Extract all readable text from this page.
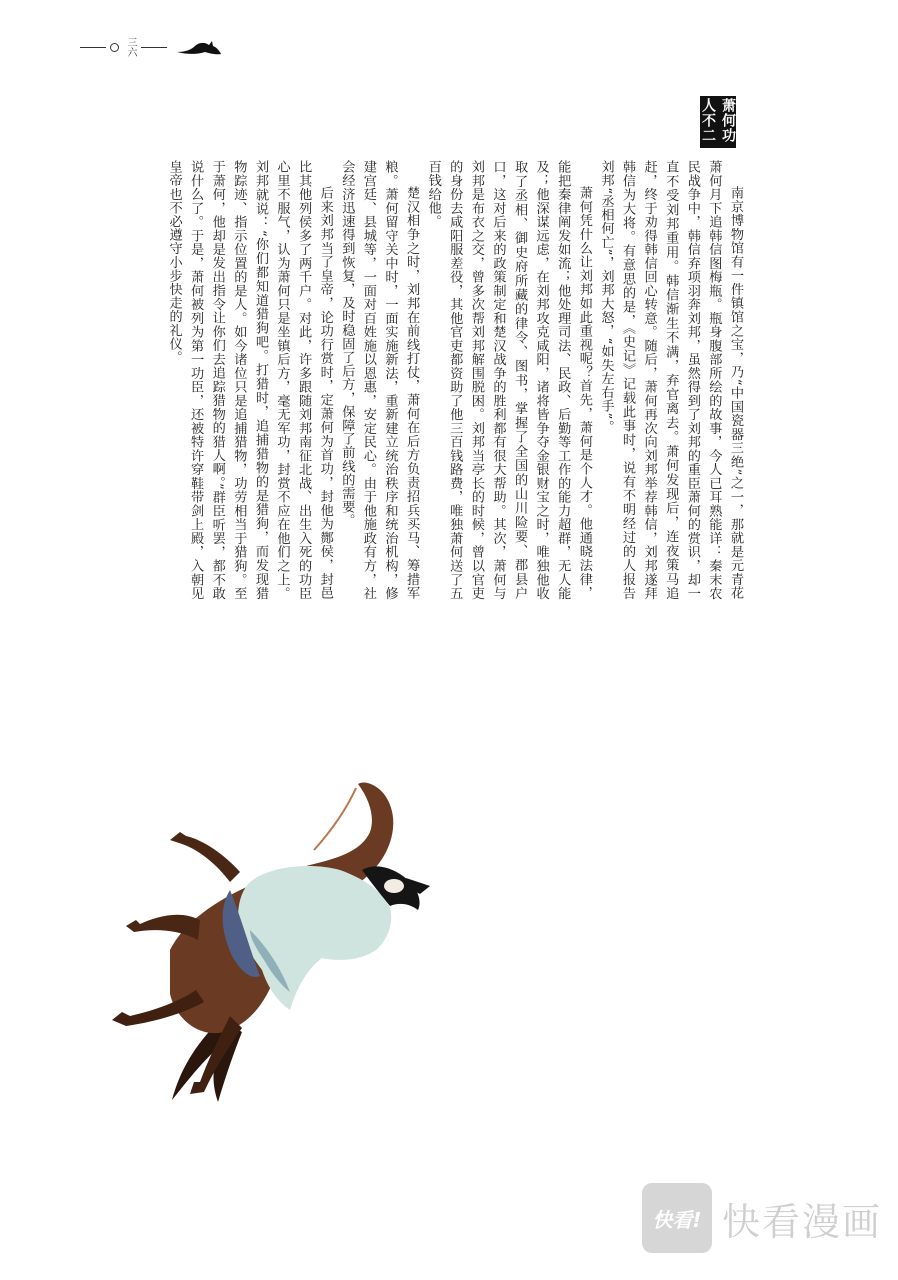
三六
萧何功人不二

南京博物馆有一件镇馆之宝，乃“中国瓷器三绝”之一，那就是元青花萧何月下追韩信图梅瓶。瓶身腹部所绘的故事，今人已耳熟能详：秦末农民战争中，韩信弃项羽奔刘邦，虽然得到了刘邦的重臣萧何的赏识，却一直不受刘邦重用。韩信渐生不满，弃官离去。萧何发现后，连夜策马追赶，终于劝得韩信回心转意。随后，萧何再次向刘邦举荐韩信，刘邦遂拜韩信为大将。有意思的是，《史记》记载此事时，说有不明经过的人报告刘邦“丞相何亡”，刘邦大怒，“如失左右手”。

萧何凭什么让刘邦如此重视呢？首先，萧何是个人才。他通晓法律，能把秦律阐发如流；他处理司法、民政、后勤等工作的能力超群，无人能及；他深谋远虑，在刘邦攻克咸阳，诸将皆争夺金银财宝之时，唯独他收取了丞相、御史府所藏的律令、图书，掌握了全国的山川险要、郡县户口，这对后来的政策制定和楚汉战争的胜利都有很大帮助。其次，萧何与刘邦是布衣之交，曾多次帮刘邦解围脱困。刘邦当亭长的时候，曾以官吏的身份去咸阳服差役，其他官吏都资助了他三百钱路费，唯独萧何送了五百钱给他。

楚汉相争之时，刘邦在前线打仗，萧何在后方负责招兵买马、筹措军粮。萧何留守关中时，一面实施新法，重新建立统治秩序和统治机构，修建宫廷、县城等，一面对百姓施以恩惠，安定民心。由于他施政有方，社会经济迅速得到恢复，及时稳固了后方，保障了前线的需要。

后来刘邦当了皇帝，论功行赏时，定萧何为首功，封他为酂侯，封邑比其他列侯多了两千户。对此，许多跟随刘邦南征北战、出生入死的功臣心里不服气，认为萧何只是坐镇后方，毫无军功，封赏不应在他们之上。刘邦就说：“你们都知道猎狗吧。打猎时，追捕猎物的是猎狗，而发现猎物踪迹、指示位置的是人。如今诸位只是追捕猎物，功劳相当于猎狗。至于萧何，他却是发出指令让你们去追踪猎物的猎人啊。”群臣听罢，都不敢说什么了。于是，萧何被列为第一功臣，还被特许穿鞋带剑上殿，入朝见皇帝也不必遵守小步快走的礼仪。

快看! 快看漫画
